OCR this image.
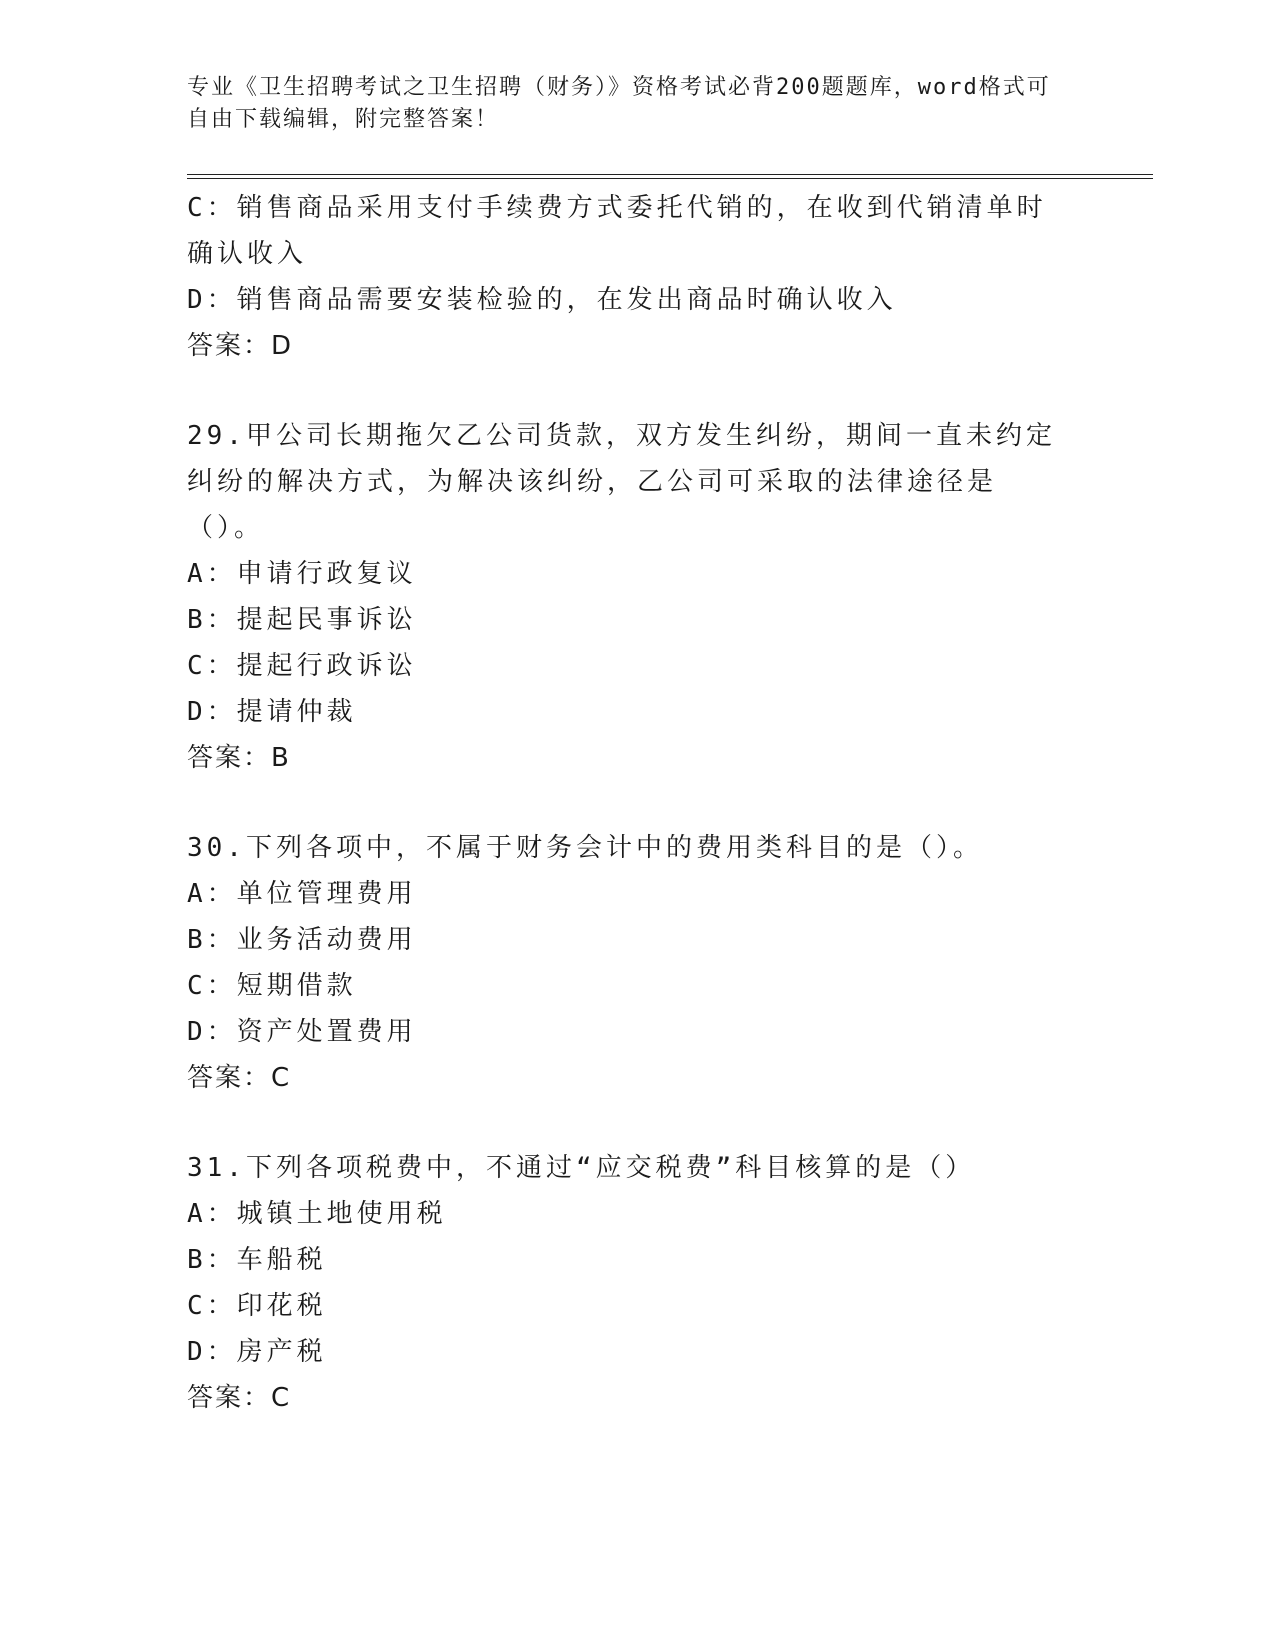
专业《卫生招聘考试之卫生招聘（财务）》资格考试必背200题题库，word格式可自由下载编辑，附完整答案！

C：销售商品采用支付手续费方式委托代销的，在收到代销清单时确认收入
D：销售商品需要安装检验的，在发出商品时确认收入
答案：D
29.甲公司长期拖欠乙公司货款，双方发生纠纷，期间一直未约定纠纷的解决方式，为解决该纠纷，乙公司可采取的法律途径是（）。
A：申请行政复议
B：提起民事诉讼
C：提起行政诉讼
D：提请仲裁
答案：B
30.下列各项中，不属于财务会计中的费用类科目的是（）。
A：单位管理费用
B：业务活动费用
C：短期借款
D：资产处置费用
答案：C
31.下列各项税费中，不通过“应交税费”科目核算的是（）
A：城镇土地使用税
B：车船税
C：印花税
D：房产税
答案：C
